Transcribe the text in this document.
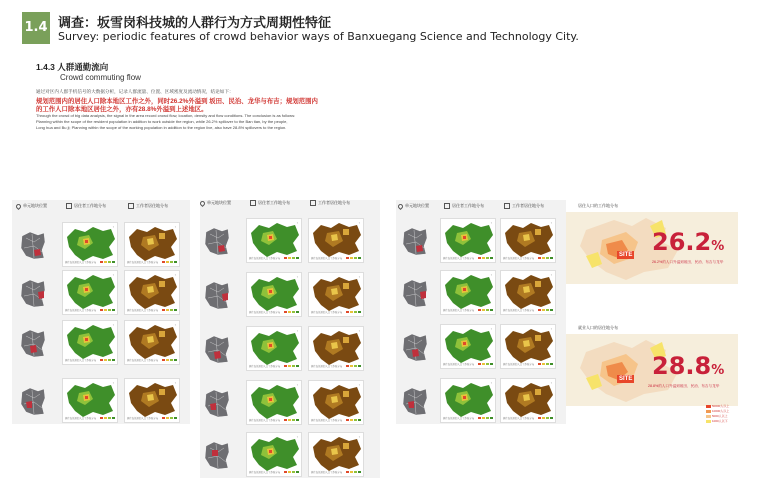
1.4 调查：坂雪岗科技城的人群行为方式周期性特征
Survey: periodic features of crowd behavior ways of Banxuegang Science and Technology City.
1.4.3 人群通勤流向
Crowd commuting flow
通过对区内人群手机信号的大数据分析，记录人群流量、位置、区域密度及流动情况，结论如下：
规划范围内的居住人口除本地区工作之外，同时26.2%外溢到 坂田、民治、龙华与布吉；规划范围内
的工作人口除本地区居住之外，亦有28.8%外溢到上述地区。
Through the crowd of big data analysis, the signal in the area record crowd flow, location, density and flow conditions. The conclusion is as follows:
Planning within the scope of the resident population in addition to work outside the region, while 26.2% spillover to the Ban tian, by the people,
Long hua and Bu ji; Planning within the scope of the working population in addition to the region live, also have 28.8% spillovers to the region.
单元地块位置	居住者工作地分布	工作者居住地分布
单元地块位置	居住者工作地分布	工作者居住地分布
单元地块位置	居住者工作地分布	工作者居住地分布
↑
居住在坂田的人口工作地分布
↑
居住在坂田的人口工作地分布
↑
居住在坂田的人口工作地分布
↑
居住在坂田的人口工作地分布
↑
居住在坂田的人口工作地分布
↑
居住在坂田的人口工作地分布
↑
居住在坂田的人口工作地分布
↑
居住在坂田的人口工作地分布
↑
居住在坂田的人口工作地分布
↑
居住在坂田的人口工作地分布
↑
居住在坂田的人口工作地分布
↑
居住在坂田的人口工作地分布
↑
居住在坂田的人口工作地分布
↑
居住在坂田的人口工作地分布
↑
居住在坂田的人口工作地分布
↑
居住在坂田的人口工作地分布
↑
居住在坂田的人口工作地分布
↑
居住在坂田的人口工作地分布
↑
居住在坂田的人口工作地分布
↑
居住在坂田的人口工作地分布
↑
居住在坂田的人口工作地分布
↑
居住在坂田的人口工作地分布
↑
居住在坂田的人口工作地分布
↑
居住在坂田的人口工作地分布
↑
居住在坂田的人口工作地分布
↑
居住在坂田的人口工作地分布
居住人口的工作地分布
SITE 26.2%
26.2%的人口外溢到坂田、民治、布吉与龙华
就业人口的居住地分布
SITE 28.8%
28.8%的人口外溢到坂田、民治、布吉与龙华
50000人以上
10000人以上
5000人以上
1000人以下
